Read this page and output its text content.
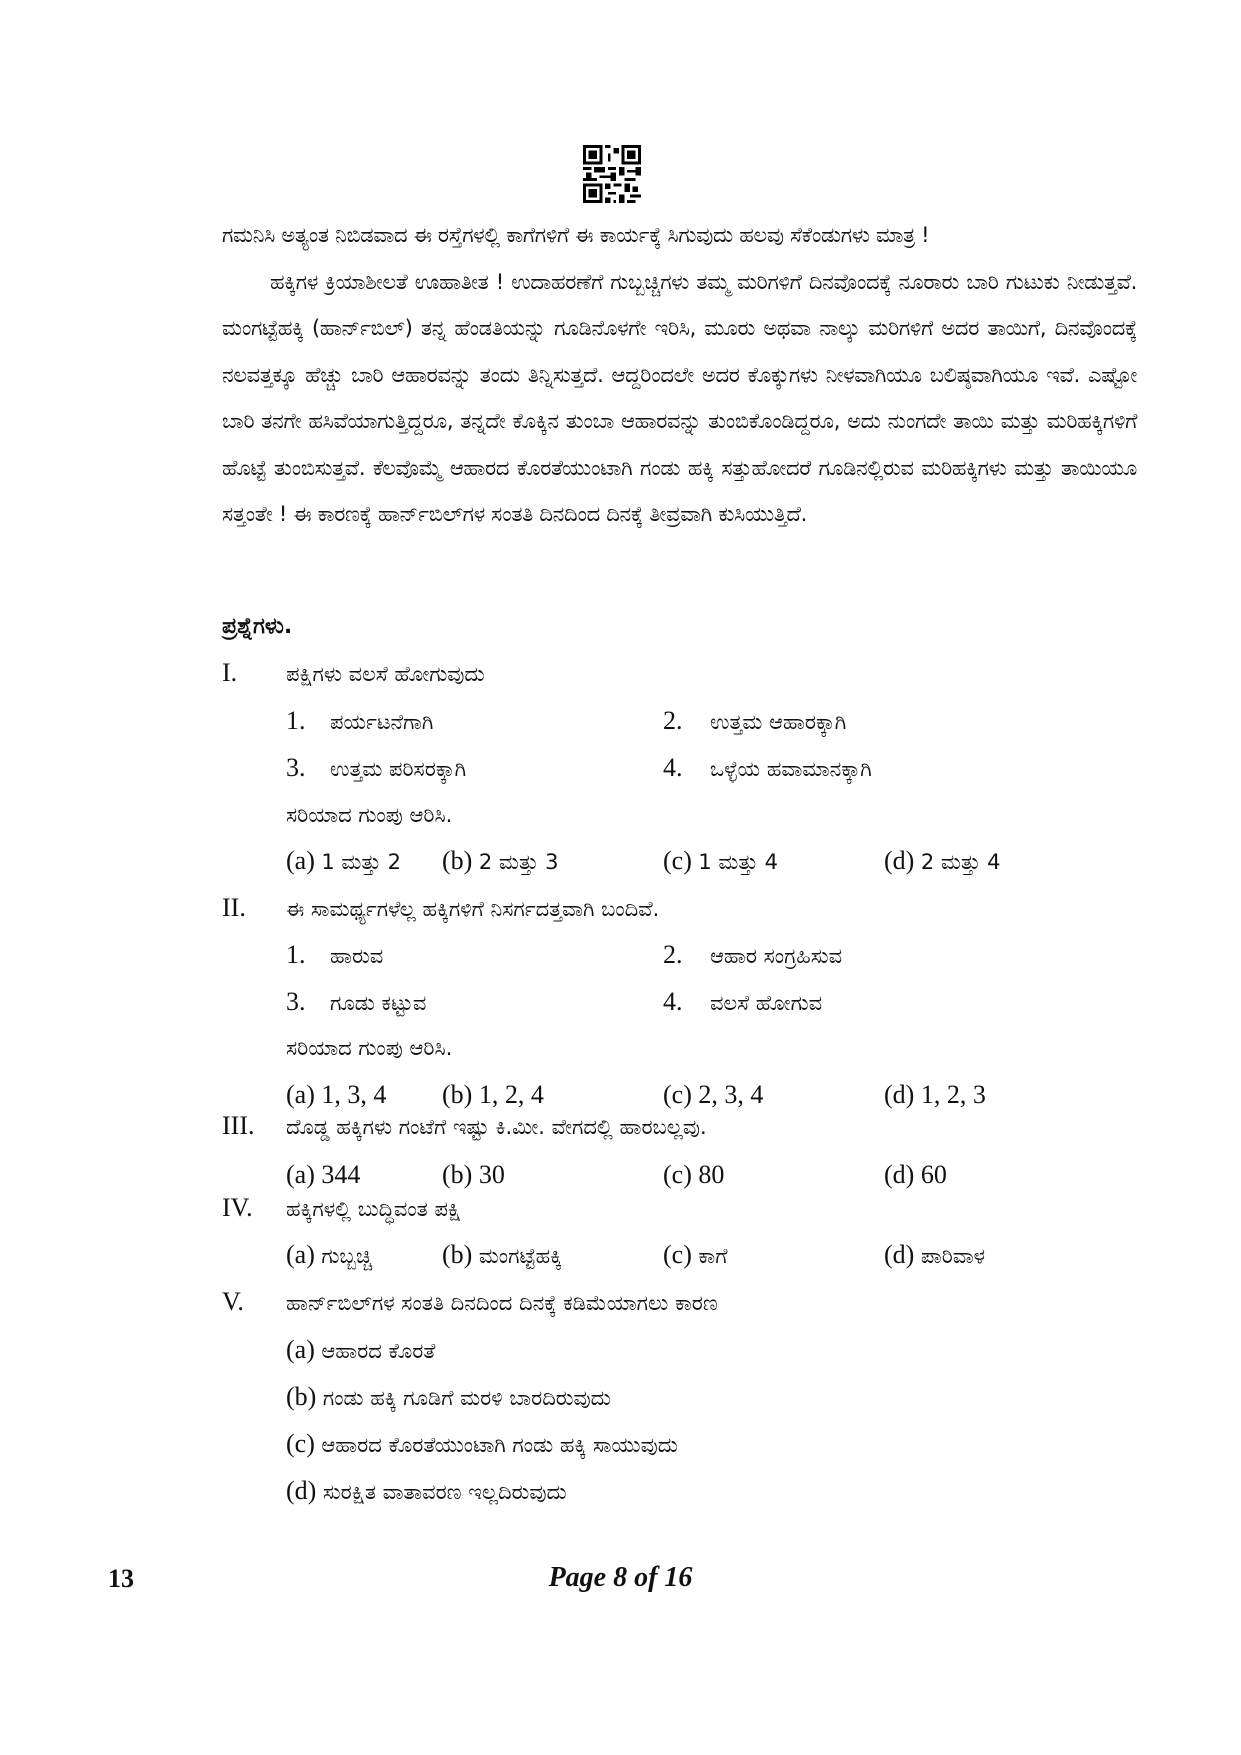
ಗಮನಿಸಿ ಅತ್ಯಂತ ನಿಬಿಡವಾದ ಈ ರಸ್ತೆಗಳಲ್ಲಿ ಕಾಗೆಗಳಿಗೆ ಈ ಕಾರ್ಯಕ್ಕೆ ಸಿಗುವುದು ಹಲವು ಸೆಕೆಂಡುಗಳು ಮಾತ್ರ !

ಹಕ್ಕಿಗಳ ಕ್ರಿಯಾಶೀಲತೆ ಊಹಾತೀತ ! ಉದಾಹರಣೆಗೆ ಗುಬ್ಬಚ್ಚಿಗಳು ತಮ್ಮ ಮರಿಗಳಿಗೆ ದಿನವೊಂದಕ್ಕೆ ನೂರಾರು ಬಾರಿ ಗುಟುಕು ನೀಡುತ್ತವೆ. ಮಂಗಟ್ಟೆಹಕ್ಕಿ (ಹಾರ್ನ್‌ಬಿಲ್) ತನ್ನ ಹೆಂಡತಿಯನ್ನು ಗೂಡಿನೊಳಗೇ ಇರಿಸಿ, ಮೂರು ಅಥವಾ ನಾಲ್ಕು ಮರಿಗಳಿಗೆ ಅದರ ತಾಯಿಗೆ, ದಿನವೊಂದಕ್ಕೆ ನಲವತ್ತಕ್ಕೂ ಹೆಚ್ಚು ಬಾರಿ ಆಹಾರವನ್ನು ತಂದು ತಿನ್ನಿಸುತ್ತದೆ. ಆದ್ದರಿಂದಲೇ ಅದರ ಕೊಕ್ಕುಗಳು ನೀಳವಾಗಿಯೂ ಬಲಿಷ್ಠವಾಗಿಯೂ ಇವೆ. ಎಷ್ಟೋ ಬಾರಿ ತನಗೇ ಹಸಿವೆಯಾಗುತ್ತಿದ್ದರೂ, ತನ್ನದೇ ಕೊಕ್ಕಿನ ತುಂಬಾ ಆಹಾರವನ್ನು ತುಂಬಿಕೊಂಡಿದ್ದರೂ, ಅದು ನುಂಗದೇ ತಾಯಿ ಮತ್ತು ಮರಿಹಕ್ಕಿಗಳಿಗೆ ಹೊಟ್ಟೆ ತುಂಬಿಸುತ್ತವೆ. ಕೆಲವೊಮ್ಮೆ ಆಹಾರದ ಕೊರತೆಯುಂಟಾಗಿ ಗಂಡು ಹಕ್ಕಿ ಸತ್ತುಹೋದರೆ ಗೂಡಿನಲ್ಲಿರುವ ಮರಿಹಕ್ಕಿಗಳು ಮತ್ತು ತಾಯಿಯೂ ಸತ್ತಂತೇ ! ಈ ಕಾರಣಕ್ಕೆ ಹಾರ್ನ್‌ಬಿಲ್‌ಗಳ ಸಂತತಿ ದಿನದಿಂದ ದಿನಕ್ಕೆ ತೀವ್ರವಾಗಿ ಕುಸಿಯುತ್ತಿದೆ.

ಪ್ರಶ್ನೆಗಳು.
I. ಪಕ್ಷಿಗಳು ವಲಸೆ ಹೋಗುವುದು
1. ಪರ್ಯಟನೆಗಾಗಿ	2. ಉತ್ತಮ ಆಹಾರಕ್ಕಾಗಿ
3. ಉತ್ತಮ ಪರಿಸರಕ್ಕಾಗಿ	4. ಒಳ್ಳೆಯ ಹವಾಮಾನಕ್ಕಾಗಿ
ಸರಿಯಾದ ಗುಂಪು ಆರಿಸಿ.
(a) 1 ಮತ್ತು 2 (b) 2 ಮತ್ತು 3	(c) 1 ಮತ್ತು 4	(d) 2 ಮತ್ತು 4
II. ಈ ಸಾಮರ್ಥ್ಯಗಳೆಲ್ಲ ಹಕ್ಕಿಗಳಿಗೆ ನಿಸರ್ಗದತ್ತವಾಗಿ ಬಂದಿವೆ.
1. ಹಾರುವ	2. ಆಹಾರ ಸಂಗ್ರಹಿಸುವ
3. ಗೂಡು ಕಟ್ಟುವ	4. ವಲಸೆ ಹೋಗುವ
ಸರಿಯಾದ ಗುಂಪು ಆರಿಸಿ.
(a) 1, 3, 4 (b) 1, 2, 4	(c) 2, 3, 4	(d) 1, 2, 3
III. ದೊಡ್ಡ ಹಕ್ಕಿಗಳು ಗಂಟೆಗೆ ಇಷ್ಟು ಕಿ.ಮೀ. ವೇಗದಲ್ಲಿ ಹಾರಬಲ್ಲವು.
(a) 344	(b) 30	(c) 80	(d) 60
IV. ಹಕ್ಕಿಗಳಲ್ಲಿ ಬುದ್ಧಿವಂತ ಪಕ್ಷಿ
(a) ಗುಬ್ಬಚ್ಚಿ	(b) ಮಂಗಟ್ಟೆಹಕ್ಕಿ	(c) ಕಾಗೆ	(d) ಪಾರಿವಾಳ
V. ಹಾರ್ನ್‌ಬಿಲ್‌ಗಳ ಸಂತತಿ ದಿನದಿಂದ ದಿನಕ್ಕೆ ಕಡಿಮೆಯಾಗಲು ಕಾರಣ
(a) ಆಹಾರದ ಕೊರತೆ
(b) ಗಂಡು ಹಕ್ಕಿ ಗೂಡಿಗೆ ಮರಳಿ ಬಾರದಿರುವುದು
(c) ಆಹಾರದ ಕೊರತೆಯುಂಟಾಗಿ ಗಂಡು ಹಕ್ಕಿ ಸಾಯುವುದು
(d) ಸುರಕ್ಷಿತ ವಾತಾವರಣ ಇಲ್ಲದಿರುವುದು
13	Page 8 of 16
